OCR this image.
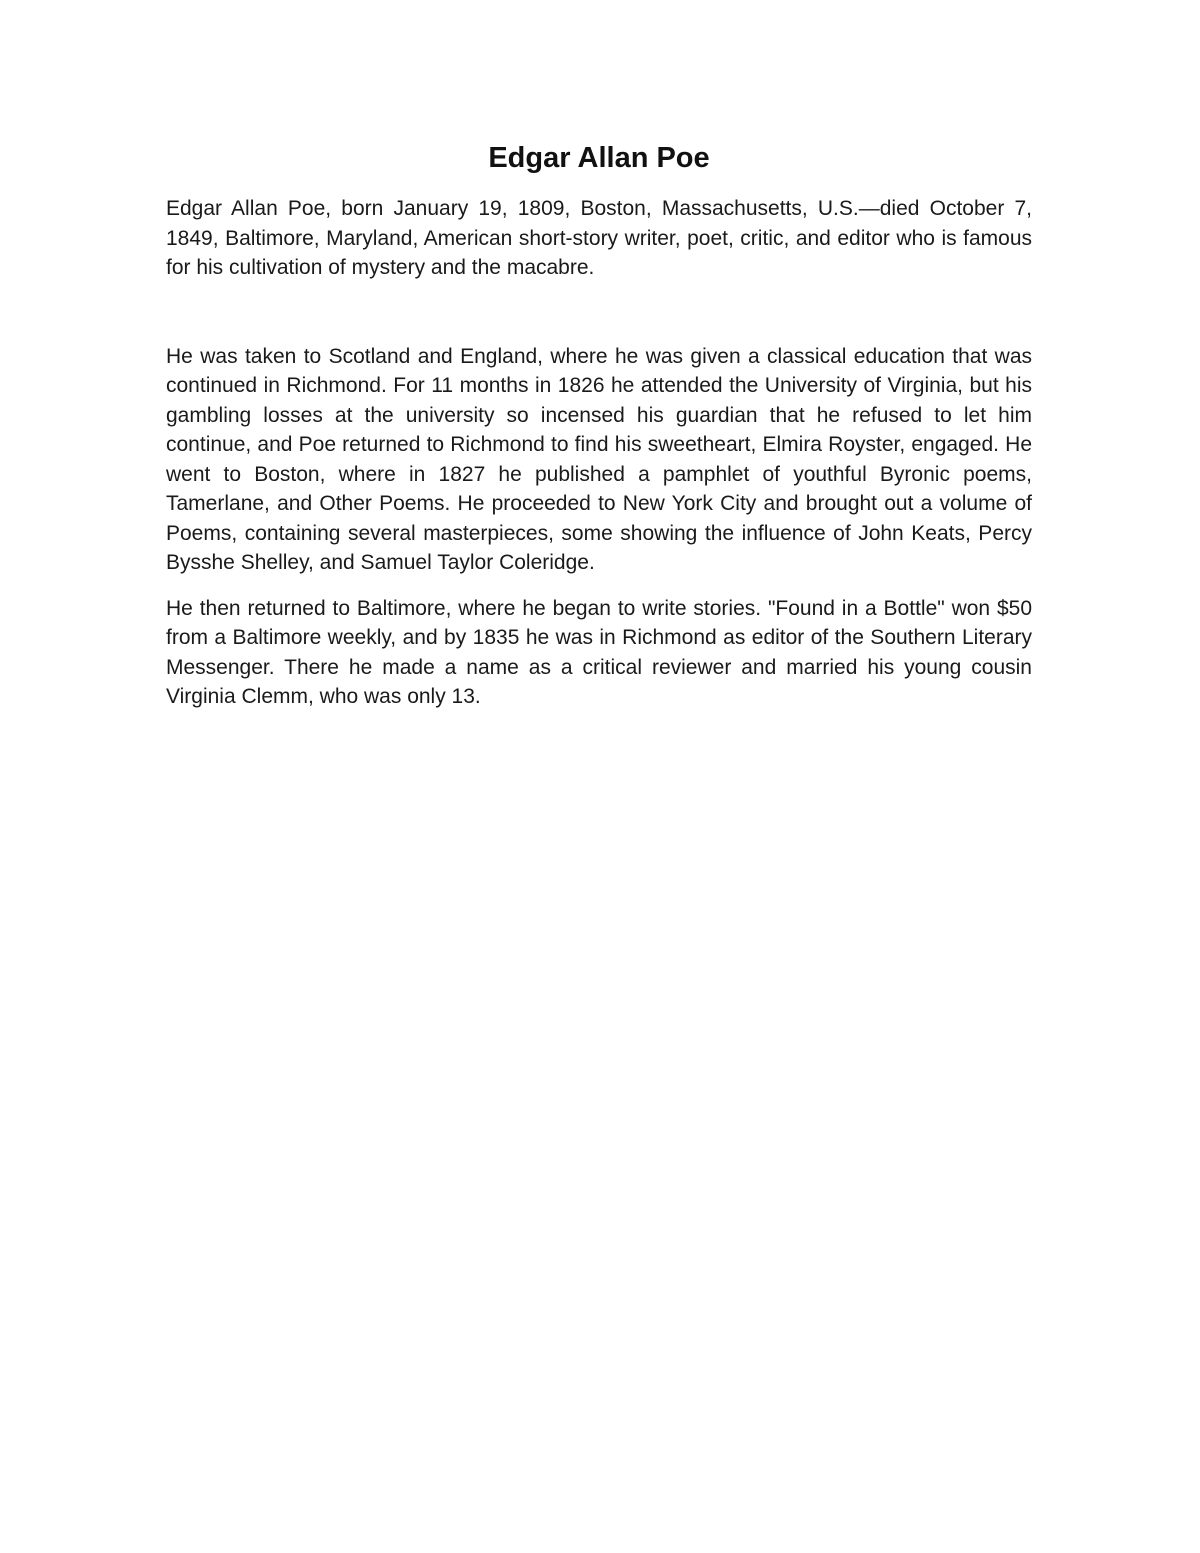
Edgar Allan Poe

Edgar Allan Poe, born January 19, 1809, Boston, Massachusetts, U.S.—died October 7, 1849, Baltimore, Maryland, American short-story writer, poet, critic, and editor who is famous for his cultivation of mystery and the macabre.

He was taken to Scotland and England, where he was given a classical education that was continued in Richmond. For 11 months in 1826 he attended the University of Virginia, but his gambling losses at the university so incensed his guardian that he refused to let him continue, and Poe returned to Richmond to find his sweetheart, Elmira Royster, engaged. He went to Boston, where in 1827 he published a pamphlet of youthful Byronic poems, Tamerlane, and Other Poems. He proceeded to New York City and brought out a volume of Poems, containing several masterpieces, some showing the influence of John Keats, Percy Bysshe Shelley, and Samuel Taylor Coleridge.

He then returned to Baltimore, where he began to write stories. "Found in a Bottle" won $50 from a Baltimore weekly, and by 1835 he was in Richmond as editor of the Southern Literary Messenger. There he made a name as a critical reviewer and married his young cousin Virginia Clemm, who was only 13.
